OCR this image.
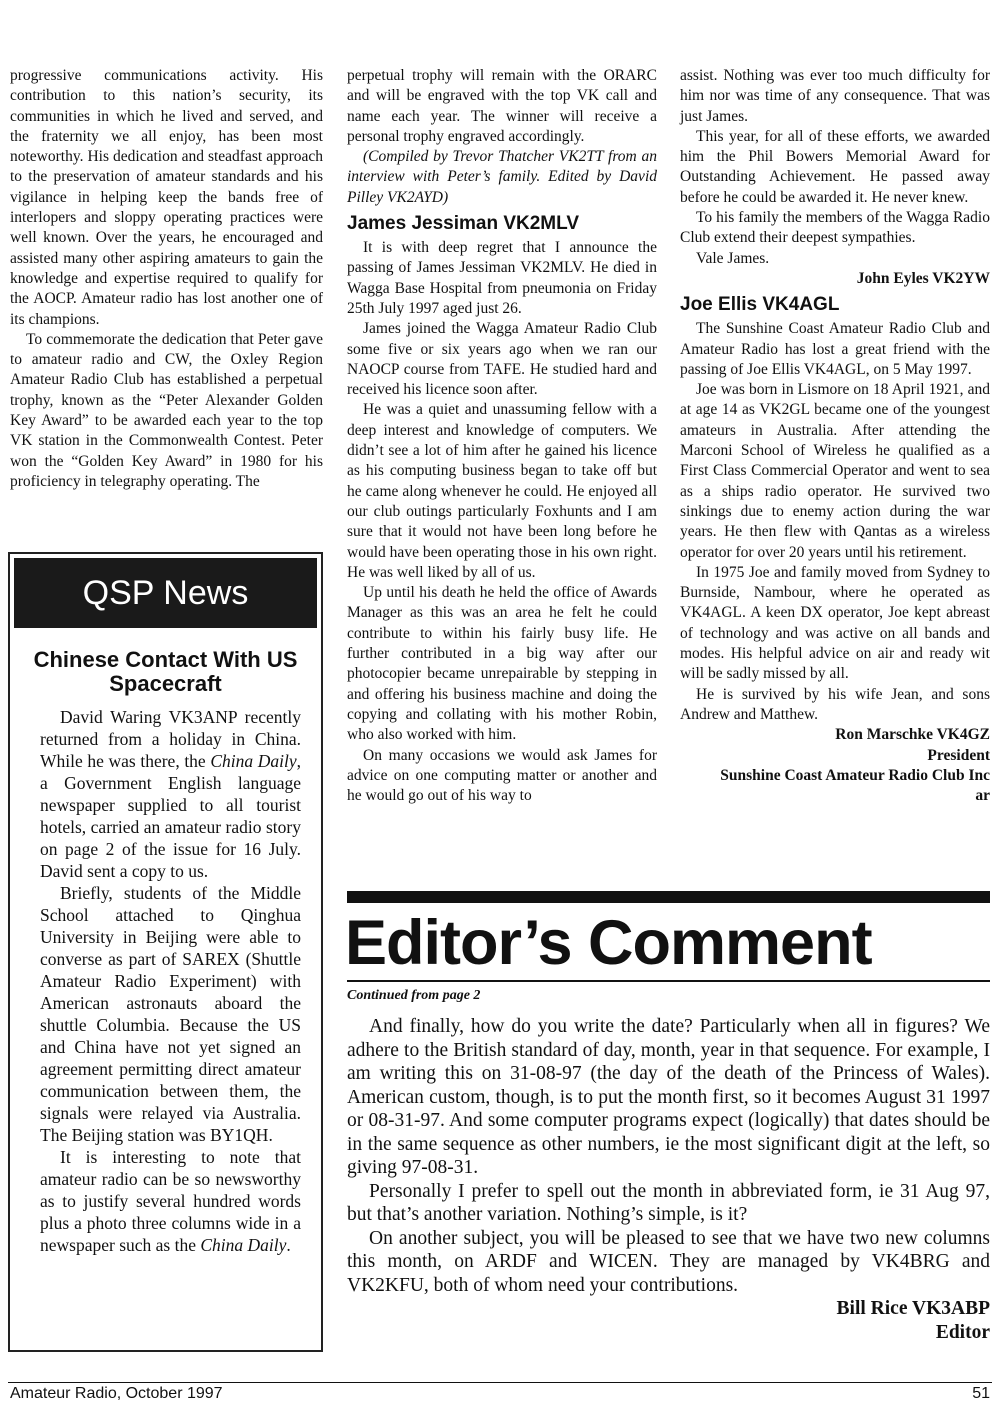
progressive communications activity. His contribution to this nation’s security, its communities in which he lived and served, and the fraternity we all enjoy, has been most noteworthy. His dedication and steadfast approach to the preservation of amateur standards and his vigilance in helping keep the bands free of interlopers and sloppy operating practices were well known. Over the years, he encouraged and assisted many other aspiring amateurs to gain the knowledge and expertise required to qualify for the AOCP. Amateur radio has lost another one of its champions.

To commemorate the dedication that Peter gave to amateur radio and CW, the Oxley Region Amateur Radio Club has established a perpetual trophy, known as the “Peter Alexander Golden Key Award” to be awarded each year to the top VK station in the Commonwealth Contest. Peter won the “Golden Key Award” in 1980 for his proficiency in telegraphy operating. The

QSP News
Chinese Contact With US Spacecraft

David Waring VK3ANP recently returned from a holiday in China. While he was there, the China Daily, a Government English language newspaper supplied to all tourist hotels, carried an amateur radio story on page 2 of the issue for 16 July. David sent a copy to us.

Briefly, students of the Middle School attached to Qinghua University in Beijing were able to converse as part of SAREX (Shuttle Amateur Radio Experiment) with American astronauts aboard the shuttle Columbia. Because the US and China have not yet signed an agreement permitting direct amateur communication between them, the signals were relayed via Australia. The Beijing station was BY1QH.

It is interesting to note that amateur radio can be so newsworthy as to justify several hundred words plus a photo three columns wide in a newspaper such as the China Daily.

perpetual trophy will remain with the ORARC and will be engraved with the top VK call and name each year. The winner will receive a personal trophy engraved accordingly.

(Compiled by Trevor Thatcher VK2TT from an interview with Peter’s family. Edited by David Pilley VK2AYD)

James Jessiman VK2MLV

It is with deep regret that I announce the passing of James Jessiman VK2MLV. He died in Wagga Base Hospital from pneumonia on Friday 25th July 1997 aged just 26.

James joined the Wagga Amateur Radio Club some five or six years ago when we ran our NAOCP course from TAFE. He studied hard and received his licence soon after.

He was a quiet and unassuming fellow with a deep interest and knowledge of computers. We didn’t see a lot of him after he gained his licence as his computing business began to take off but he came along whenever he could. He enjoyed all our club outings particularly Foxhunts and I am sure that it would not have been long before he would have been operating those in his own right. He was well liked by all of us.

Up until his death he held the office of Awards Manager as this was an area he felt he could contribute to within his fairly busy life. He further contributed in a big way after our photocopier became unrepairable by stepping in and offering his business machine and doing the copying and collating with his mother Robin, who also worked with him.

On many occasions we would ask James for advice on one computing matter or another and he would go out of his way to

assist. Nothing was ever too much difficulty for him nor was time of any consequence. That was just James.

This year, for all of these efforts, we awarded him the Phil Bowers Memorial Award for Outstanding Achievement. He passed away before he could be awarded it. He never knew.

To his family the members of the Wagga Radio Club extend their deepest sympathies.

Vale James.

John Eyles VK2YW

Joe Ellis VK4AGL

The Sunshine Coast Amateur Radio Club and Amateur Radio has lost a great friend with the passing of Joe Ellis VK4AGL, on 5 May 1997.

Joe was born in Lismore on 18 April 1921, and at age 14 as VK2GL became one of the youngest amateurs in Australia. After attending the Marconi School of Wireless he qualified as a First Class Commercial Operator and went to sea as a ships radio operator. He survived two sinkings due to enemy action during the war years. He then flew with Qantas as a wireless operator for over 20 years until his retirement.

In 1975 Joe and family moved from Sydney to Burnside, Nambour, where he operated as VK4AGL. A keen DX operator, Joe kept abreast of technology and was active on all bands and modes. His helpful advice on air and ready wit will be sadly missed by all.

He is survived by his wife Jean, and sons Andrew and Matthew.

Ron Marschke VK4GZ

President

Sunshine Coast Amateur Radio Club Inc

ar

Editor’s Comment
Continued from page 2

And finally, how do you write the date? Particularly when all in figures? We adhere to the British standard of day, month, year in that sequence. For example, I am writing this on 31-08-97 (the day of the death of the Princess of Wales). American custom, though, is to put the month first, so it becomes August 31 1997 or 08-31-97. And some computer programs expect (logically) that dates should be in the same sequence as other numbers, ie the most significant digit at the left, so giving 97-08-31.

Personally I prefer to spell out the month in abbreviated form, ie 31 Aug 97, but that’s another variation. Nothing’s simple, is it?

On another subject, you will be pleased to see that we have two new columns this month, on ARDF and WICEN. They are managed by VK4BRG and VK2KFU, both of whom need your contributions.

Bill Rice VK3ABP

Editor

Amateur Radio, October 1997	51
